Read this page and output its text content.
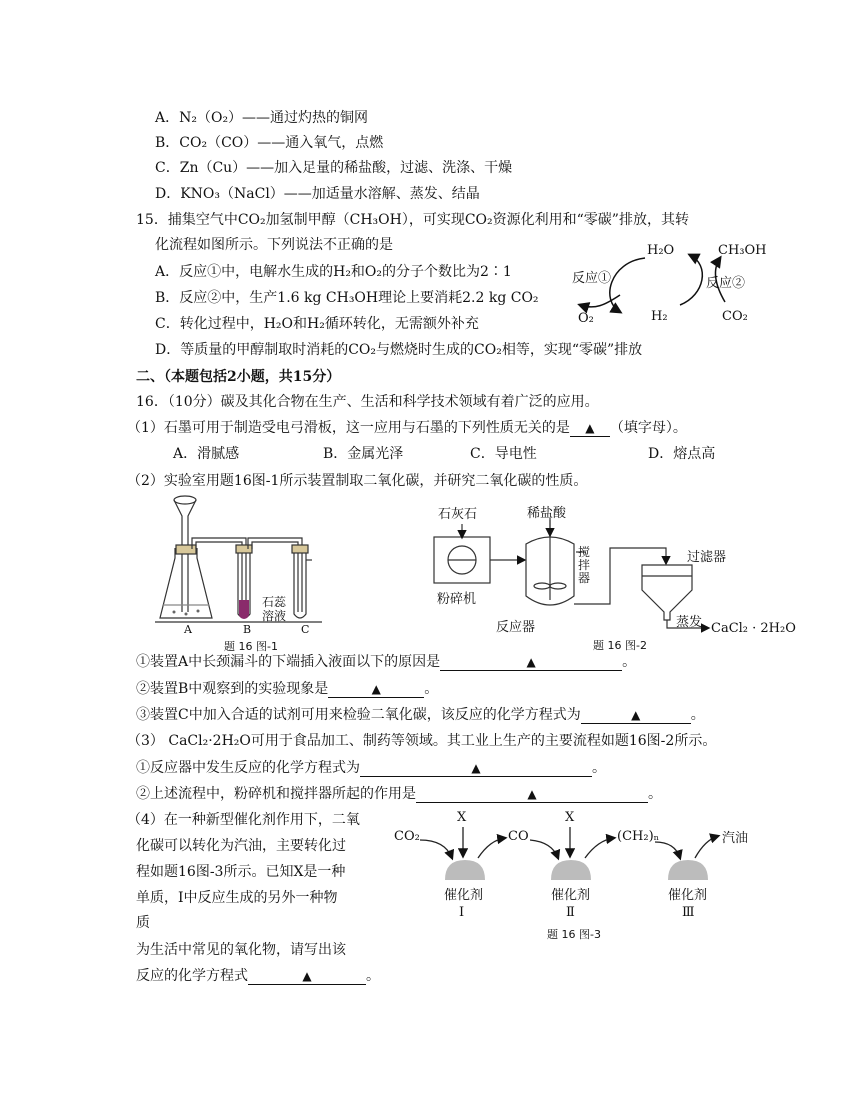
A．N₂（O₂）——通过灼热的铜网
B．CO₂（CO）——通入氧气，点燃
C．Zn（Cu）——加入足量的稀盐酸，过滤、洗涤、干燥
D．KNO₃（NaCl）——加适量水溶解、蒸发、结晶
15．捕集空气中CO₂加氢制甲醇（CH₃OH），可实现CO₂资源化利用和“零碳”排放，其转
化流程如图所示。下列说法不正确的是
A．反应①中，电解水生成的H₂和O₂的分子个数比为2∶1
B．反应②中，生产1.6 kg CH₃OH理论上要消耗2.2 kg CO₂
C．转化过程中，H₂O和H₂循环转化，无需额外补充
D．等质量的甲醇制取时消耗的CO₂与燃烧时生成的CO₂相等，实现“零碳”排放
H₂O	CH₃OH
反应①	反应②
O₂	H₂	CO₂
二、（本题包括2小题，共15分）
16．（10分）碳及其化合物在生产、生活和科学技术领域有着广泛的应用。
（1）石墨可用于制造受电弓滑板，这一应用与石墨的下列性质无关的是 ▲ （填字母）。
A．滑腻感	B．金属光泽	C．导电性	D．熔点高
（2）实验室用题16图-1所示装置制取二氧化碳，并研究二氧化碳的性质。
A	B	C
石蕊
溶液
题 16 图-1
石灰石	稀盐酸
粉碎机
搅拌器
反应器
过滤器
蒸发 CaCl₂ · 2H₂O
题 16 图-2
①装置A中长颈漏斗的下端插入液面以下的原因是	▲	。
②装置B中观察到的实验现象是	▲	。
③装置C中加入合适的试剂可用来检验二氧化碳，该反应的化学方程式为	▲	。
（3） CaCl₂·2H₂O可用于食品加工、制药等领域。其工业上生产的主要流程如题16图-2所示。
①反应器中发生反应的化学方程式为	▲	。
②上述流程中，粉碎机和搅拌器所起的作用是	▲	。
（4）在一种新型催化剂作用下，二氧
化碳可以转化为汽油，主要转化过
程如题16图-3所示。已知X是一种
单质，Ⅰ中反应生成的另外一种物
质
为生活中常见的氧化物，请写出该
反应的化学方程式	▲	。
X	X
CO₂	CO	(CH₂)ₙ	汽油
催化剂	催化剂	催化剂
Ⅰ	Ⅱ	Ⅲ
题 16 图-3
